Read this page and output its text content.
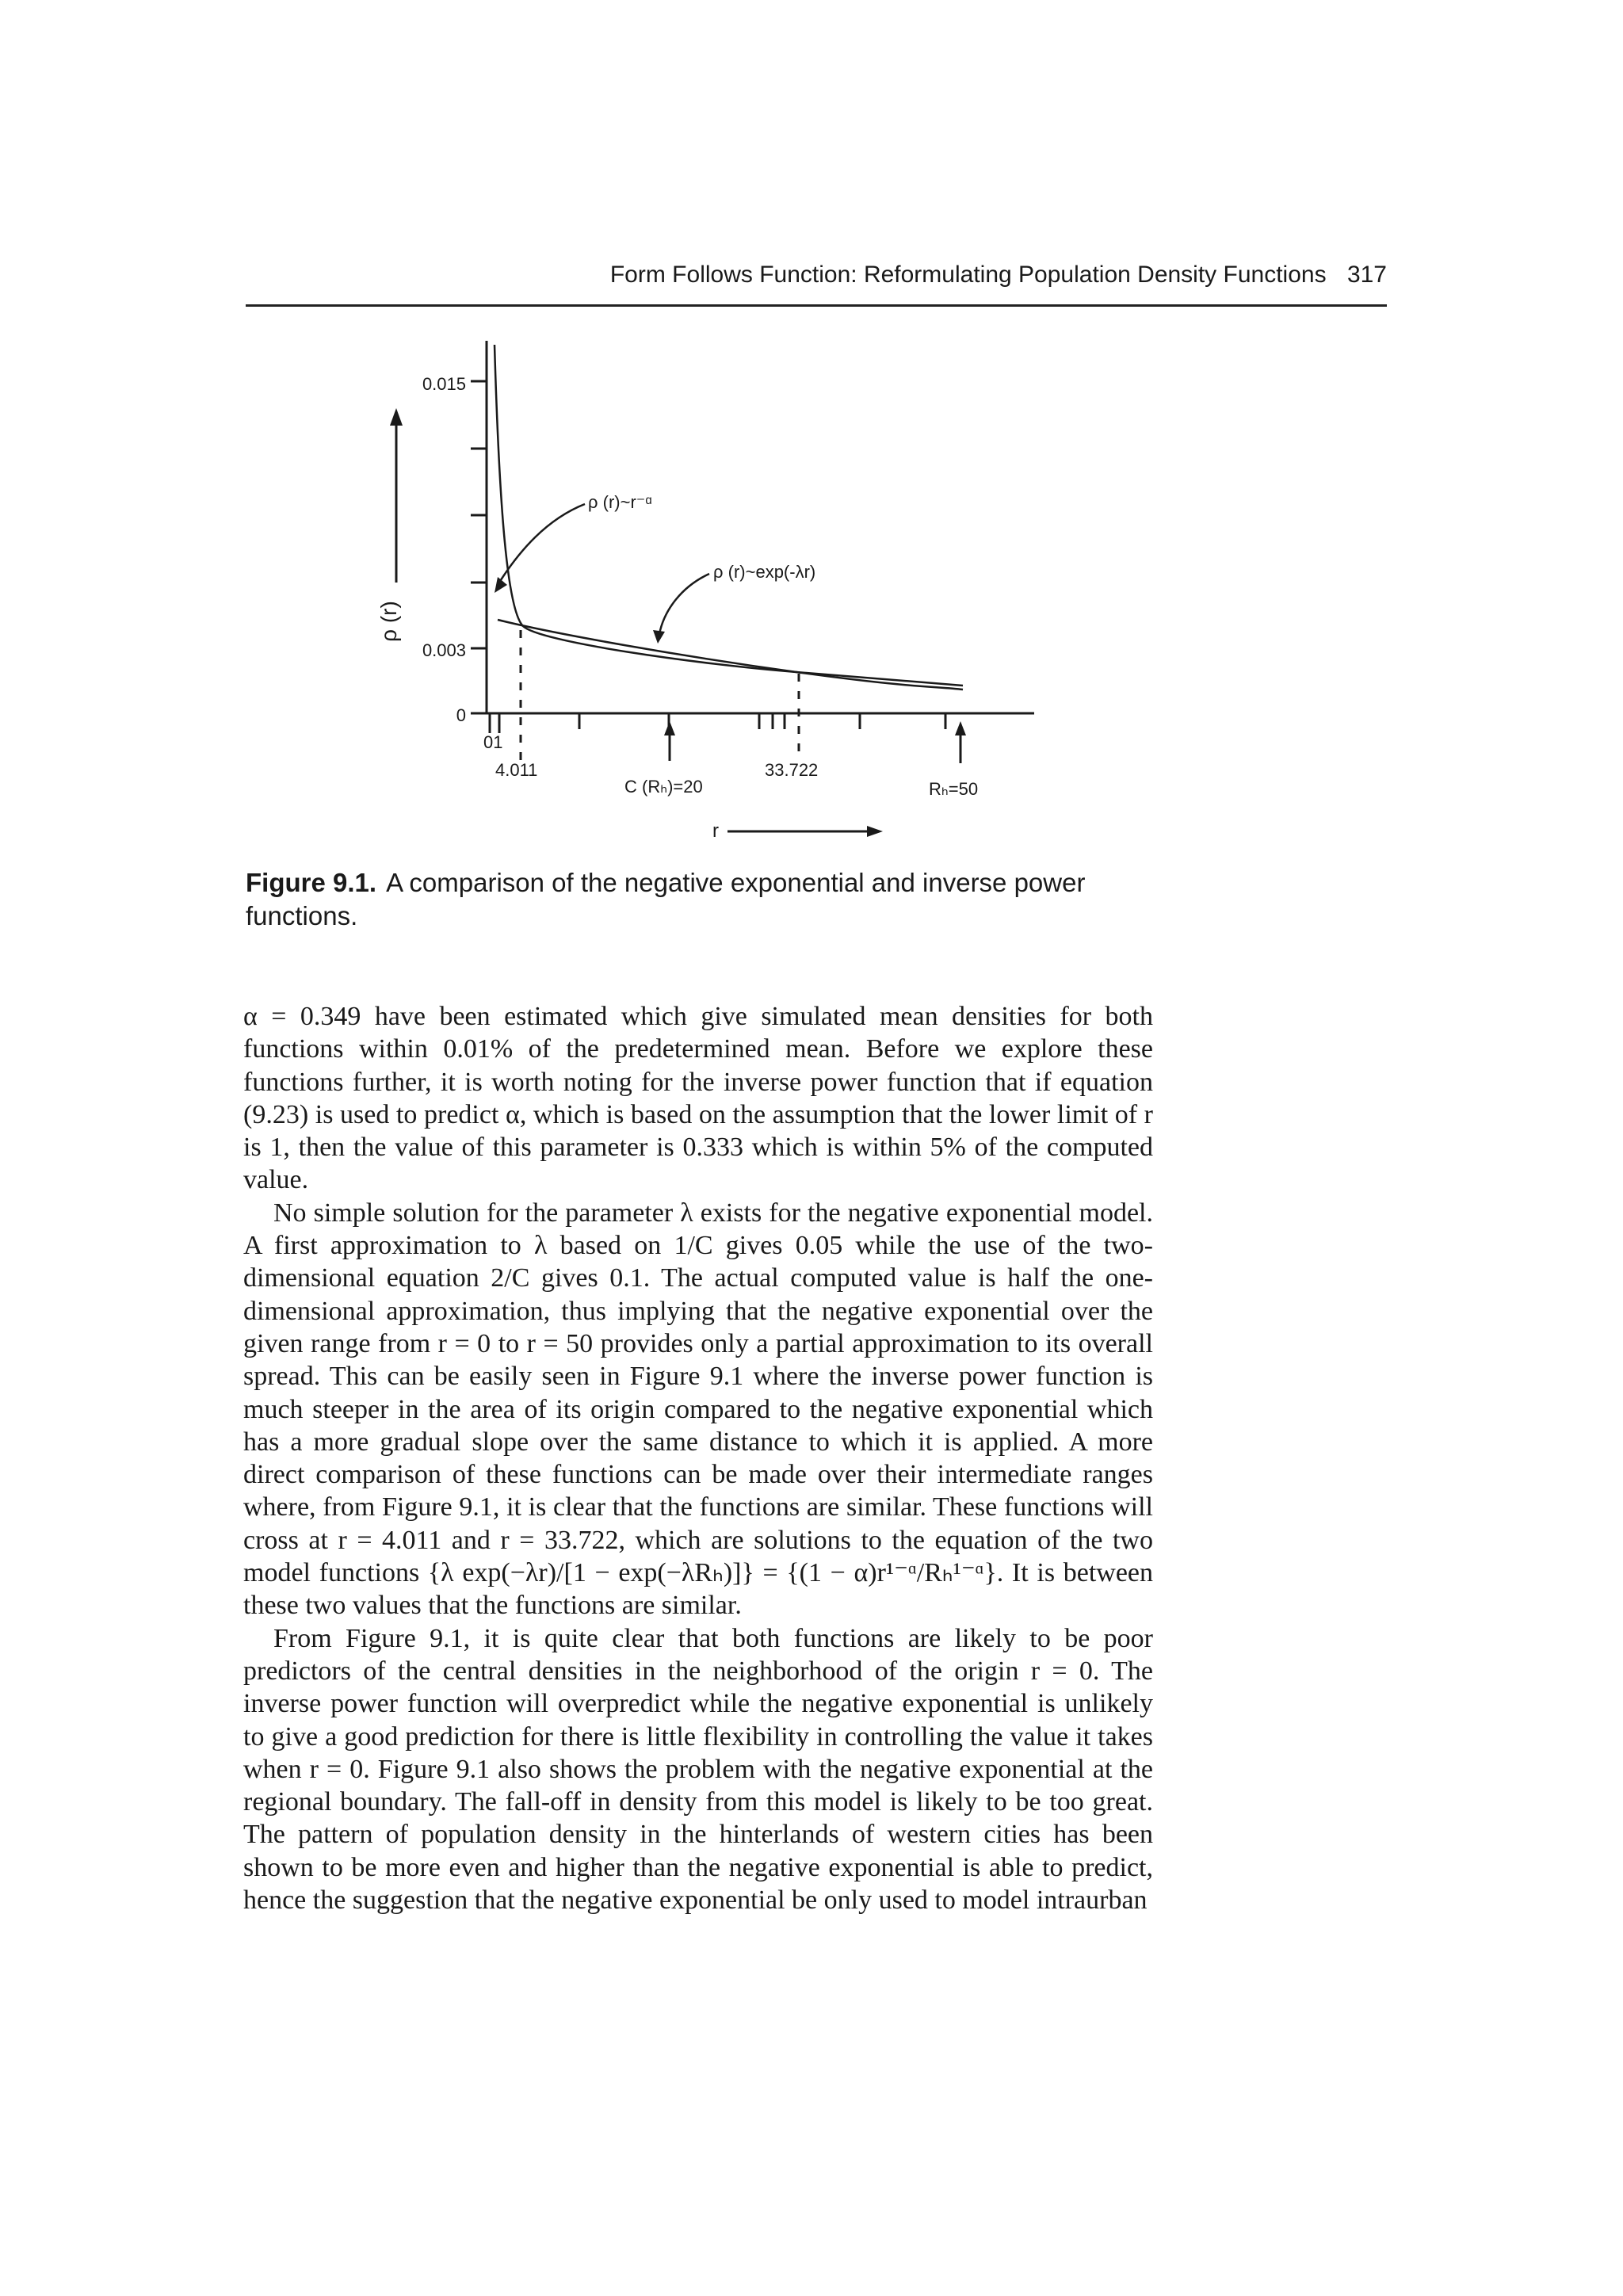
Form Follows Function: Reformulating Population Density Functions 317
ρ (r)
0.015
0.003
0
01
4.011	33.722
C (Rₕ)=20	Rₕ=50
r
ρ (r)~r⁻ᵅ
ρ (r)~exp(-λr)
Figure 9.1. A comparison of the negative exponential and inverse power functions.

α = 0.349 have been estimated which give simulated mean densities for both functions within 0.01% of the predetermined mean. Before we explore these functions further, it is worth noting for the inverse power function that if equation (9.23) is used to predict α, which is based on the assumption that the lower limit of r is 1, then the value of this parameter is 0.333 which is within 5% of the computed value.

No simple solution for the parameter λ exists for the negative exponential model. A first approximation to λ based on 1/C gives 0.05 while the use of the two-dimensional equation 2/C gives 0.1. The actual computed value is half the one-dimensional approximation, thus implying that the negative exponential over the given range from r = 0 to r = 50 provides only a partial approximation to its overall spread. This can be easily seen in Figure 9.1 where the inverse power function is much steeper in the area of its origin compared to the negative exponential which has a more gradual slope over the same distance to which it is applied. A more direct comparison of these functions can be made over their intermediate ranges where, from Figure 9.1, it is clear that the functions are similar. These functions will cross at r = 4.011 and r = 33.722, which are solutions to the equation of the two model functions {λ exp(−λr)/[1 − exp(−λRₕ)]} = {(1 − α)r¹⁻ᵅ/Rₕ¹⁻ᵅ}. It is between these two values that the functions are similar.

From Figure 9.1, it is quite clear that both functions are likely to be poor predictors of the central densities in the neighborhood of the origin r = 0. The inverse power function will overpredict while the negative exponential is unlikely to give a good prediction for there is little flexibility in controlling the value it takes when r = 0. Figure 9.1 also shows the problem with the negative exponential at the regional boundary. The fall-off in density from this model is likely to be too great. The pattern of population density in the hinterlands of western cities has been shown to be more even and higher than the negative exponential is able to predict, hence the suggestion that the negative exponential be only used to model intraurban
